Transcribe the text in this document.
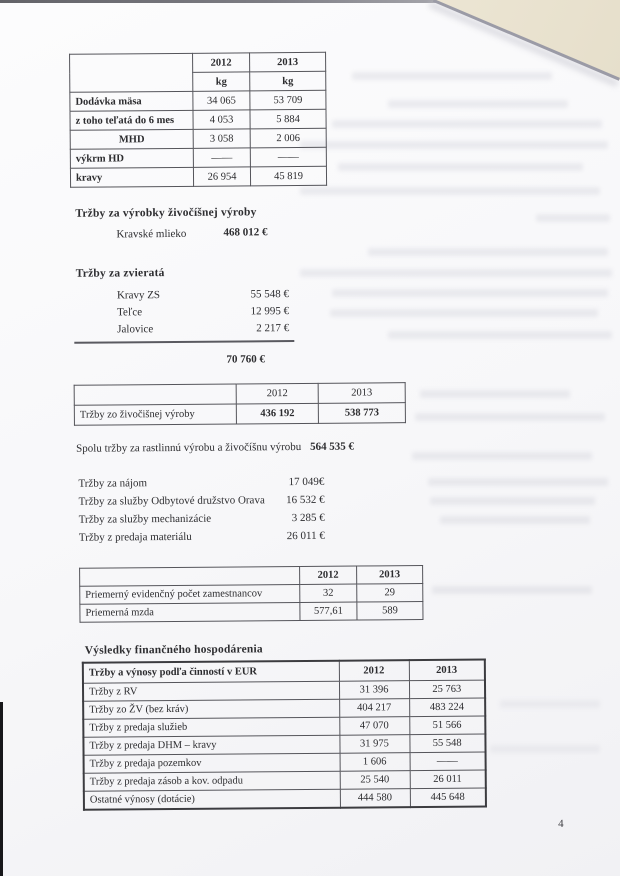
	2012	2013
	kg	kg
Dodávka mäsa	34 065	53 709
z toho teľatá do 6 mes	4 053	5 884
MHD	3 058	2 006
výkrm HD	——	——
kravy	26 954	45 819
Tržby za výrobky živočíšnej výroby
Kravské mlieko	468 012 €
Tržby za zvieratá
Kravy ZS	55 548 €
Teľce	12 995 €
Jalovice	2 217 €
70 760 €
	2012	2013
Tržby zo živočišnej výroby	436 192	538 773
Spolu tržby za rastlinnú výrobu a živočíšnu výrobu 564 535 €
Tržby za nájom	17 049€
Tržby za služby Odbytové družstvo Orava 16 532 €
Tržby za služby mechanizácie	3 285 €
Tržby z predaja materiálu	26 011 €
	2012	2013
Priemerný evidenčný počet zamestnancov	32	29
Priemerná mzda	577,61	589
Výsledky finančného hospodárenia
Tržby a výnosy podľa činností v EUR	2012	2013
Tržby z RV	31 396	25 763
Tržby zo ŽV (bez kráv)	404 217	483 224
Tržby z predaja služieb	47 070	51 566
Tržby z predaja DHM – kravy	31 975	55 548
Tržby z predaja pozemkov	1 606	——
Tržby z predaja zásob a kov. odpadu	25 540	26 011
Ostatné výnosy (dotácie)	444 580	445 648
4
